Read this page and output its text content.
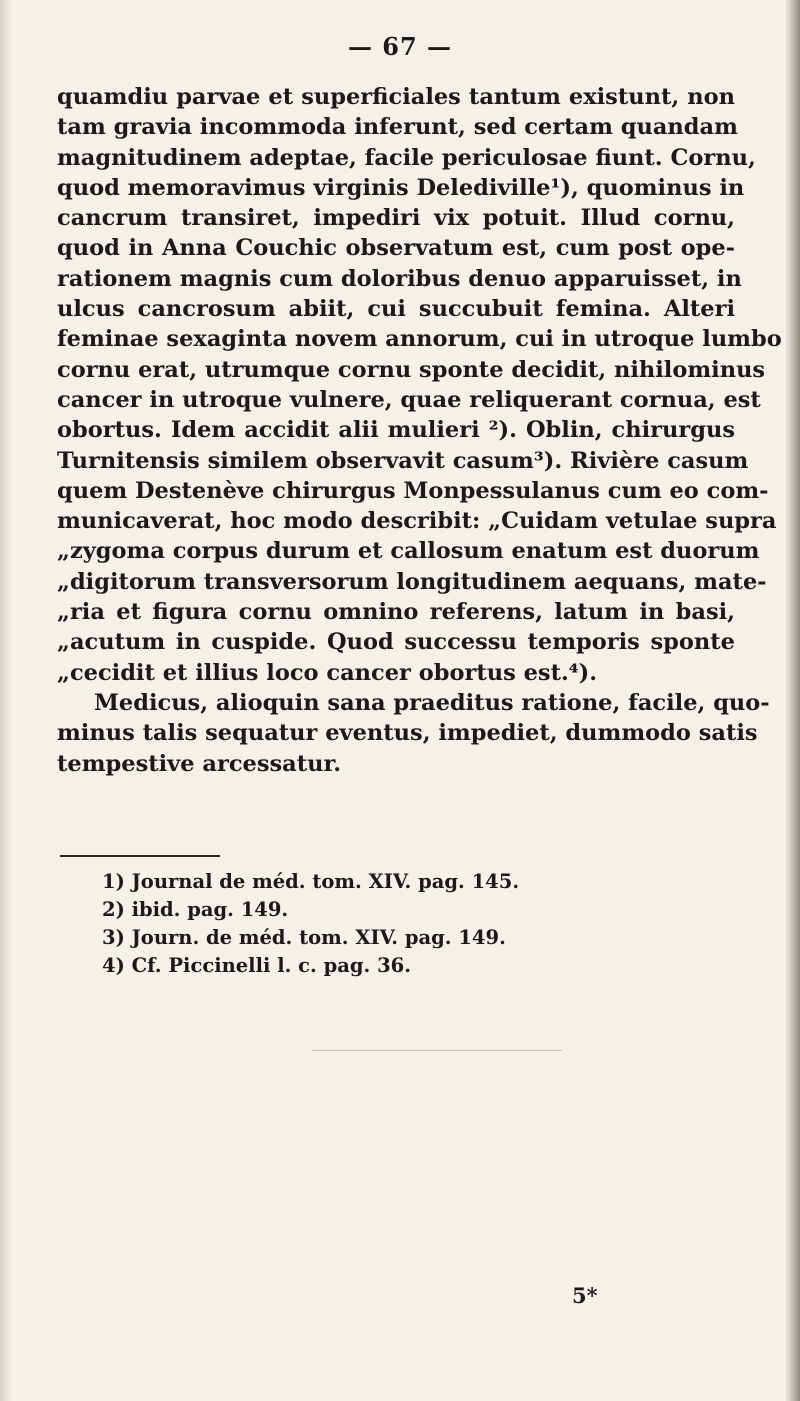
— 67 —
quamdiu parvae et superficiales tantum existunt, non
tam gravia incommoda inferunt, sed certam quandam
magnitudinem adeptae, facile periculosae fiunt. Cornu,
quod memoravimus virginis Delediville¹), quominus in
cancrum transiret, impediri vix potuit. Illud cornu,
quod in Anna Couchic observatum est, cum post ope-
rationem magnis cum doloribus denuo apparuisset, in
ulcus cancrosum abiit, cui succubuit femina. Alteri
feminae sexaginta novem annorum, cui in utroque lumbo
cornu erat, utrumque cornu sponte decidit, nihilominus
cancer in utroque vulnere, quae reliquerant cornua, est
obortus. Idem accidit alii mulieri ²). Oblin, chirurgus
Turnitensis similem observavit casum³). Rivière casum
quem Destenève chirurgus Monpessulanus cum eo com-
municaverat, hoc modo describit: „Cuidam vetulae supra
„zygoma corpus durum et callosum enatum est duorum
„digitorum transversorum longitudinem aequans, mate-
„ria et figura cornu omnino referens, latum in basi,
„acutum in cuspide. Quod successu temporis sponte
„cecidit et illius loco cancer obortus est.⁴).
Medicus, alioquin sana praeditus ratione, facile, quo-
minus talis sequatur eventus, impediet, dummodo satis
tempestive arcessatur.
1) Journal de méd. tom. XIV. pag. 145.
2) ibid. pag. 149.
3) Journ. de méd. tom. XIV. pag. 149.
4) Cf. Piccinelli l. c. pag. 36.
5*
